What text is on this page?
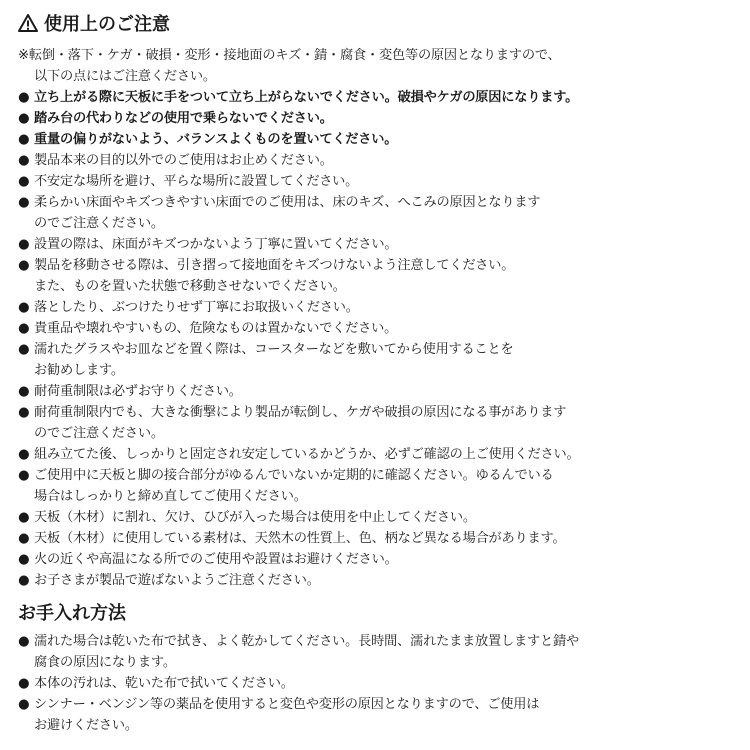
使用上のご注意
お手入れ方法
※転倒・落下・ケガ・破損・変形・接地面のキズ・錆・腐食・変色等の原因となりますので、
以下の点にはご注意ください。
● 立ち上がる際に天板に手をついて立ち上がらないでください。破損やケガの原因になります。
● 踏み台の代わりなどの使用で乗らないでください。
● 重量の偏りがないよう、バランスよくものを置いてください。
● 製品本来の目的以外でのご使用はお止めください。
● 不安定な場所を避け、平らな場所に設置してください。
● 柔らかい床面やキズつきやすい床面でのご使用は、床のキズ、へこみの原因となります
のでご注意ください。
● 設置の際は、床面がキズつかないよう丁寧に置いてください。
● 製品を移動させる際は、引き摺って接地面をキズつけないよう注意してください。
また、ものを置いた状態で移動させないでください。
● 落としたり、ぶつけたりせず丁寧にお取扱いください。
● 貴重品や壊れやすいもの、危険なものは置かないでください。
● 濡れたグラスやお皿などを置く際は、コースターなどを敷いてから使用することを
お勧めします。
● 耐荷重制限は必ずお守りください。
● 耐荷重制限内でも、大きな衝撃により製品が転倒し、ケガや破損の原因になる事があります
のでご注意ください。
● 組み立てた後、しっかりと固定され安定しているかどうか、必ずご確認の上ご使用ください。
● ご使用中に天板と脚の接合部分がゆるんでいないか定期的に確認ください。ゆるんでいる
場合はしっかりと締め直してご使用ください。
● 天板（木材）に割れ、欠け、ひびが入った場合は使用を中止してください。
● 天板（木材）に使用している素材は、天然木の性質上、色、柄など異なる場合があります。
● 火の近くや高温になる所でのご使用や設置はお避けください。
● お子さまが製品で遊ばないようご注意ください。
● 濡れた場合は乾いた布で拭き、よく乾かしてください。長時間、濡れたまま放置しますと錆や
腐食の原因になります。
● 本体の汚れは、乾いた布で拭いてください。
● シンナー・ベンジン等の薬品を使用すると変色や変形の原因となりますので、ご使用は
お避けください。
